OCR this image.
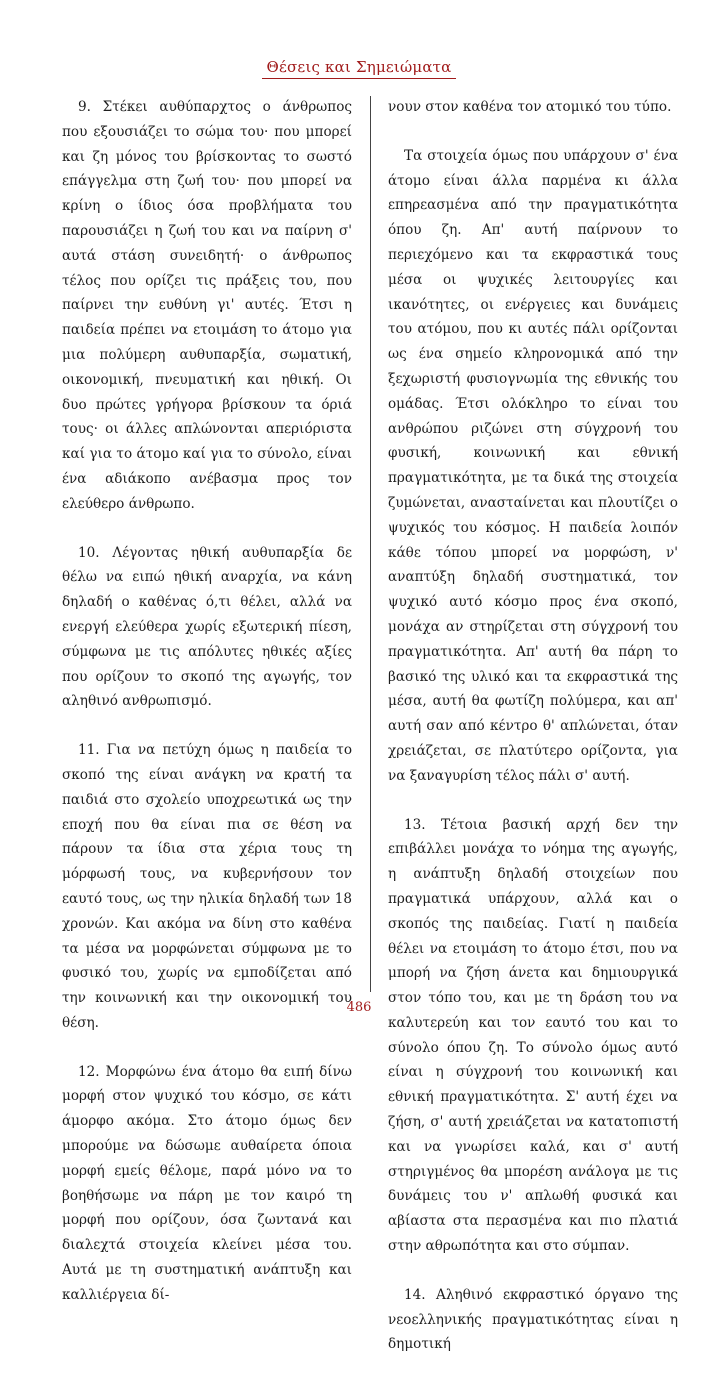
Θέσεις και Σημειώματα

9. Στέκει αυθύπαρχτος ο άνθρωπος που εξουσιάζει το σώμα του· που μπορεί και ζη μόνος του βρίσκοντας το σωστό επάγγελμα στη ζωή του· που μπορεί να κρίνη ο ίδιος όσα προβλήματα του παρουσιάζει η ζωή του και να παίρνη σ' αυτά στάση συνειδητή· ο άνθρωπος τέλος που ορίζει τις πράξεις του, που παίρνει την ευθύνη γι' αυτές. Έτσι η παιδεία πρέπει να ετοιμάση το άτομο για μια πολύμερη αυθυπαρξία, σωματική, οικονομική, πνευματική και ηθική. Οι δυο πρώτες γρήγορα βρίσκουν τα όριά τους· οι άλλες απλώνονται απεριόριστα καί για το άτομο καί για το σύνολο, είναι ένα αδιάκοπο ανέβασμα προς τον ελεύθερο άνθρωπο.

10. Λέγοντας ηθική αυθυπαρξία δε θέλω να ειπώ ηθική αναρχία, να κάνη δηλαδή ο καθένας ό,τι θέλει, αλλά να ενεργή ελεύθερα χωρίς εξωτερική πίεση, σύμφωνα με τις απόλυτες ηθικές αξίες που ορίζουν το σκοπό της αγωγής, τον αληθινό ανθρωπισμό.

11. Για να πετύχη όμως η παιδεία το σκοπό της είναι ανάγκη να κρατή τα παιδιά στο σχολείο υποχρεωτικά ως την εποχή που θα είναι πια σε θέση να πάρουν τα ίδια στα χέρια τους τη μόρφωσή τους, να κυβερνήσουν τον εαυτό τους, ως την ηλικία δηλαδή των 18 χρονών. Και ακόμα να δίνη στο καθένα τα μέσα να μορφώνεται σύμφωνα με το φυσικό του, χωρίς να εμποδίζεται από την κοινωνική και την οικονομική του θέση.

12. Μορφώνω ένα άτομο θα ειπή δίνω μορφή στον ψυχικό του κόσμο, σε κάτι άμορφο ακόμα. Στο άτομο όμως δεν μπορούμε να δώσωμε αυθαίρετα όποια μορφή εμείς θέλομε, παρά μόνο να το βοηθήσωμε να πάρη με τον καιρό τη μορφή που ορίζουν, όσα ζωντανά και διαλεχτά στοιχεία κλείνει μέσα του. Αυτά με τη συστηματική ανάπτυξη και καλλιέργεια δί-

νουν στον καθένα τον ατομικό του τύπο.

Τα στοιχεία όμως που υπάρχουν σ' ένα άτομο είναι άλλα παρμένα κι άλλα επηρεασμένα από την πραγματικότητα όπου ζη. Απ' αυτή παίρνουν το περιεχόμενο και τα εκφραστικά τους μέσα οι ψυχικές λειτουργίες και ικανότητες, οι ενέργειες και δυνάμεις του ατόμου, που κι αυτές πάλι ορίζονται ως ένα σημείο κληρονομικά από την ξεχωριστή φυσιογνωμία της εθνικής του ομάδας. Έτσι ολόκληρο το είναι του ανθρώπου ριζώνει στη σύγχρονή του φυσική, κοινωνική και εθνική πραγματικότητα, με τα δικά της στοιχεία ζυμώνεται, ανασταίνεται και πλουτίζει ο ψυχικός του κόσμος. Η παιδεία λοιπόν κάθε τόπου μπορεί να μορφώση, ν' αναπτύξη δηλαδή συστηματικά, τον ψυχικό αυτό κόσμο προς ένα σκοπό, μονάχα αν στηρίζεται στη σύγχρονή του πραγματικότητα. Απ' αυτή θα πάρη το βασικό της υλικό και τα εκφραστικά της μέσα, αυτή θα φωτίζη πολύμερα, και απ' αυτή σαν από κέντρο θ' απλώνεται, όταν χρειάζεται, σε πλατύτερο ορίζοντα, για να ξαναγυρίση τέλος πάλι σ' αυτή.

13. Τέτοια βασική αρχή δεν την επιβάλλει μονάχα το νόημα της αγωγής, η ανάπτυξη δηλαδή στοιχείων που πραγματικά υπάρχουν, αλλά και ο σκοπός της παιδείας. Γιατί η παιδεία θέλει να ετοιμάση το άτομο έτσι, που να μπορή να ζήση άνετα και δημιουργικά στον τόπο του, και με τη δράση του να καλυτερεύη και τον εαυτό του και το σύνολο όπου ζη. Το σύνολο όμως αυτό είναι η σύγχρονή του κοινωνική και εθνική πραγματικότητα. Σ' αυτή έχει να ζήση, σ' αυτή χρειάζεται να κατατοπιστή και να γνωρίσει καλά, και σ' αυτή στηριγμένος θα μπορέση ανάλογα με τις δυνάμεις του ν' απλωθή φυσικά και αβίαστα στα περασμένα και πιο πλατιά στην αθρωπότητα και στο σύμπαν.

14. Αληθινό εκφραστικό όργανο της νεοελληνικής πραγματικότητας είναι η δημοτική

486
